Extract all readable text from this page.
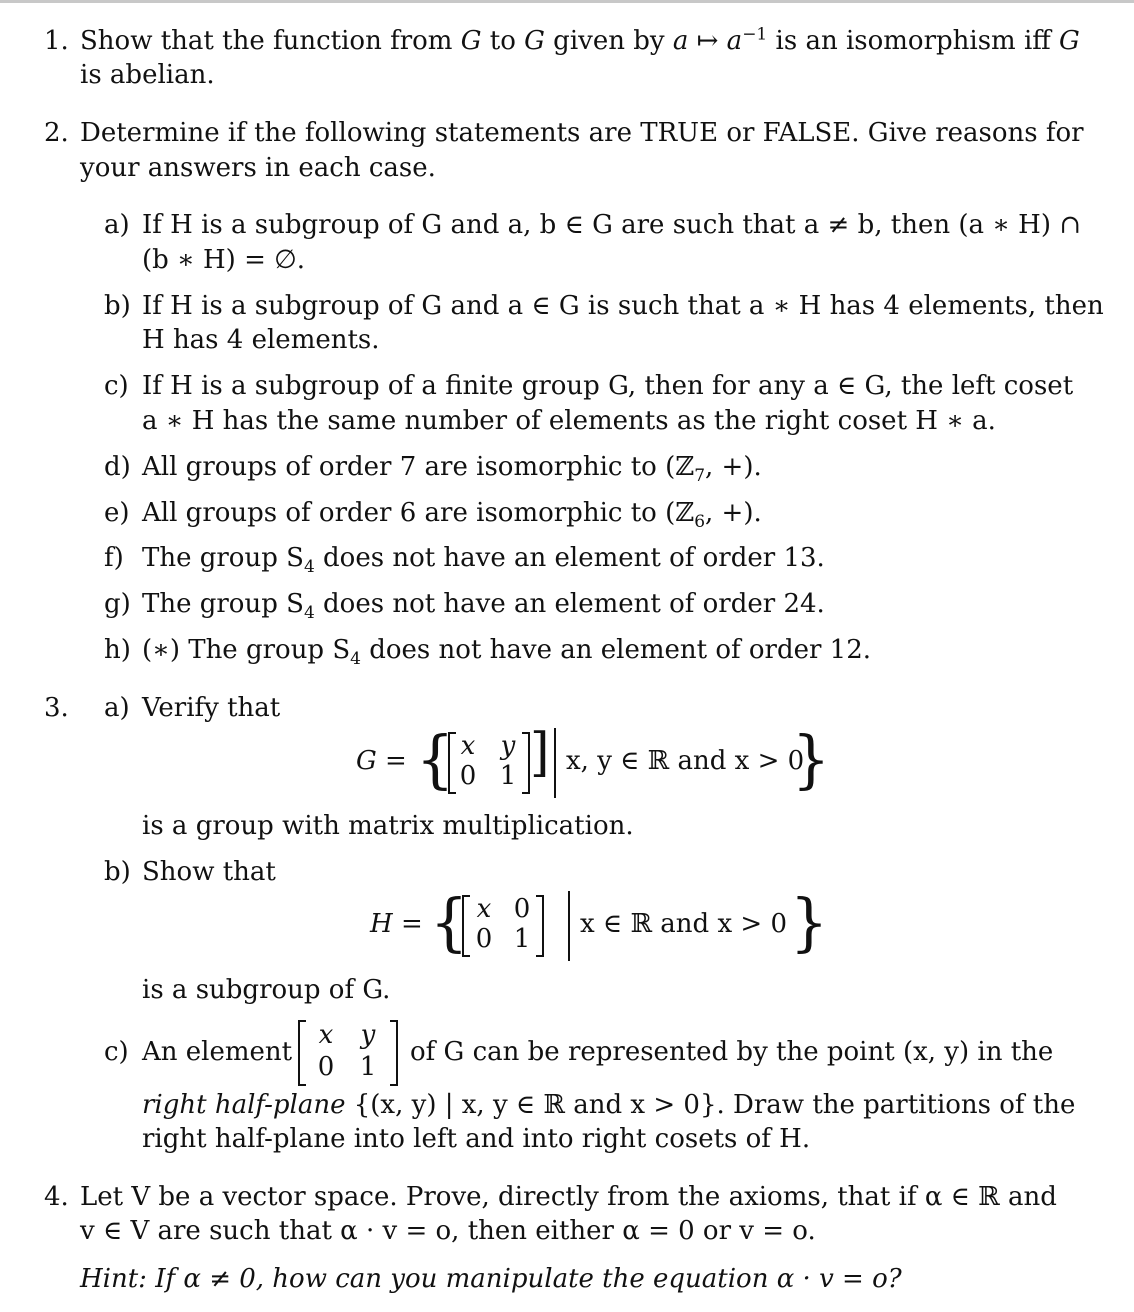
1. Show that the function from G to G given by a ↦ $a^{-1}$ is an isomorphism iff G
is abelian.
2. Determine if the following statements are TRUE or FALSE. Give reasons for
your answers in each case.
a) If H is a subgroup of G and a, b ∈ G are such that a ≠ b, then (a ∗ H) ∩
(b ∗ H) = ∅.
b) If H is a subgroup of G and a ∈ G is such that a ∗ H has 4 elements, then
H has 4 elements.
c) If H is a subgroup of a finite group G, then for any a ∈ G, the left coset
a ∗ H has the same number of elements as the right coset H ∗ a.
d) All groups of order 7 are isomorphic to (ℤ$_7$, +).
e) All groups of order 6 are isomorphic to (ℤ$_6$, +).
f) The group $S_4$ does not have an element of order 13.
g) The group $S_4$ does not have an element of order 24.
h) (∗) The group $S_4$ does not have an element of order 12.
3. a) Verify that
G = { x y
0 1 ] x, y ∈ ℝ and x > 0
}
is a group with matrix multiplication.
b) Show that
H = { x 0
0 1 x ∈ ℝ and x > 0 }
is a subgroup of G.
c) An element
x y
0 1 of G can be represented by the point (x, y) in the
right half-plane {(x, y) | x, y ∈ ℝ and x > 0}. Draw the partitions of the
right half-plane into left and into right cosets of H.
4. Let V be a vector space. Prove, directly from the axioms, that if α ∈ ℝ and
v ∈ V are such that α · v = o, then either α = 0 or v = o.
Hint: If α ≠ 0, how can you manipulate the equation α · v = o?
